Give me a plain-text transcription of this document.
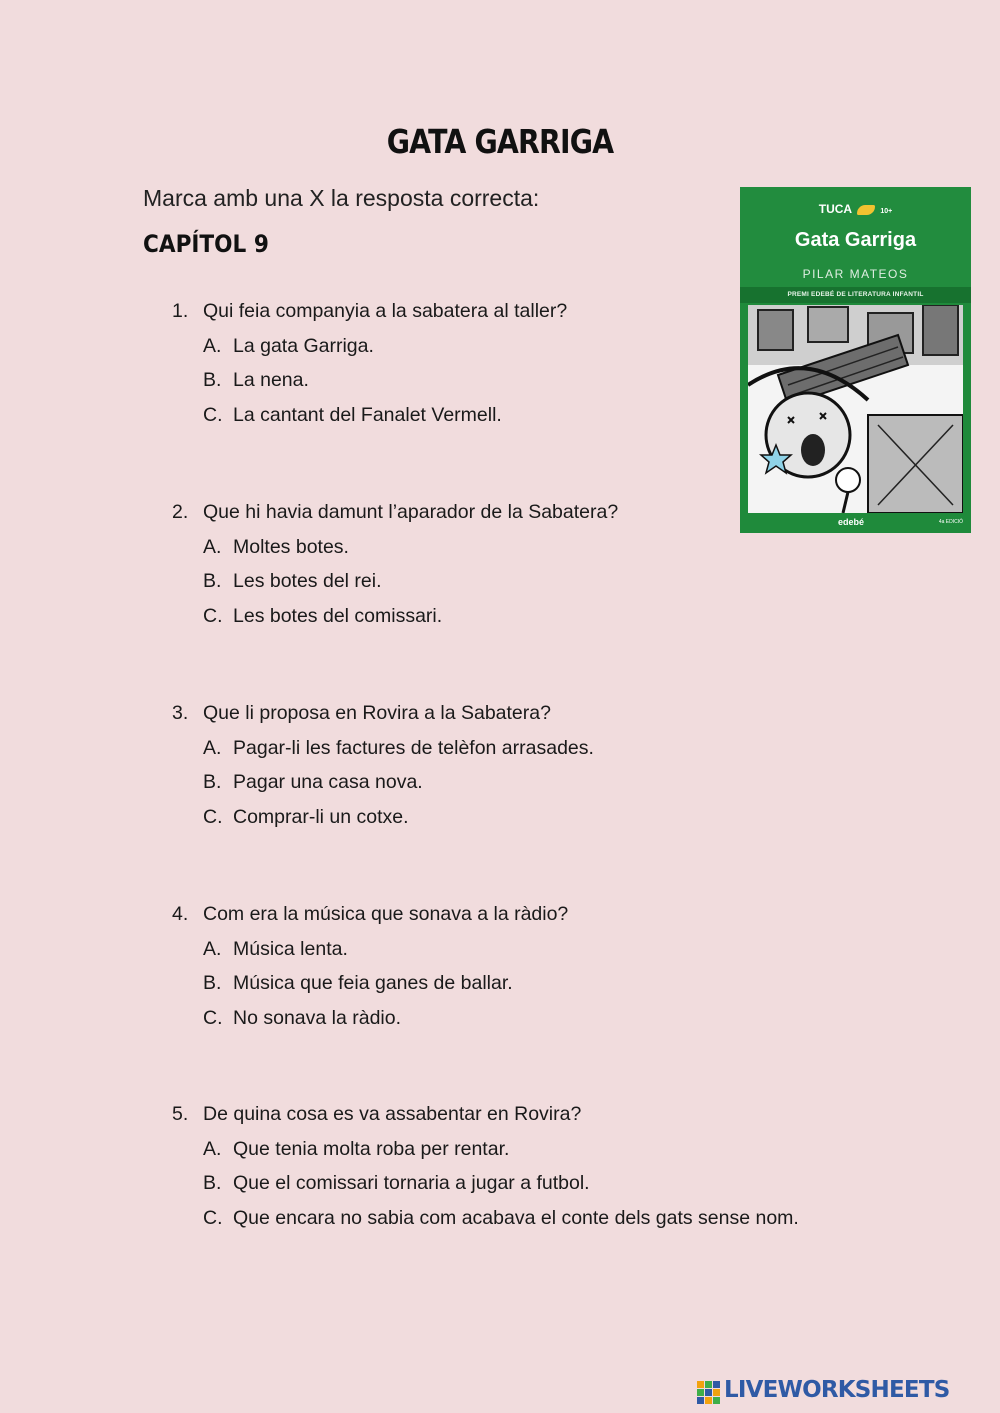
GATA GARRIGA
Marca amb una X la resposta correcta:
CAPÍTOL 9
1. Qui feia companyia a la sabatera al taller?
A. La gata Garriga.
B. La nena.
C. La cantant del Fanalet Vermell.
2. Que hi havia damunt l’aparador de la Sabatera?
A. Moltes botes.
B. Les botes del rei.
C. Les botes del comissari.
3. Que li proposa en Rovira a la Sabatera?
A. Pagar-li les factures de telèfon arrasades.
B. Pagar una casa nova.
C. Comprar-li un cotxe.
4. Com era la música que sonava a la ràdio?
A. Música lenta.
B. Música que feia ganes de ballar.
C. No sonava la ràdio.
5. De quina cosa es va assabentar en Rovira?
A. Que tenia molta roba per rentar.
B. Que el comissari tornaria a jugar a futbol.
C. Que encara no sabia com acabava el conte dels gats sense nom.
TUCA	10+
Gata Garriga
PILAR MATEOS
PREMI EDEBÉ DE LITERATURA INFANTIL
edebé	4a EDICIÓ
LIVEWORKSHEETS
